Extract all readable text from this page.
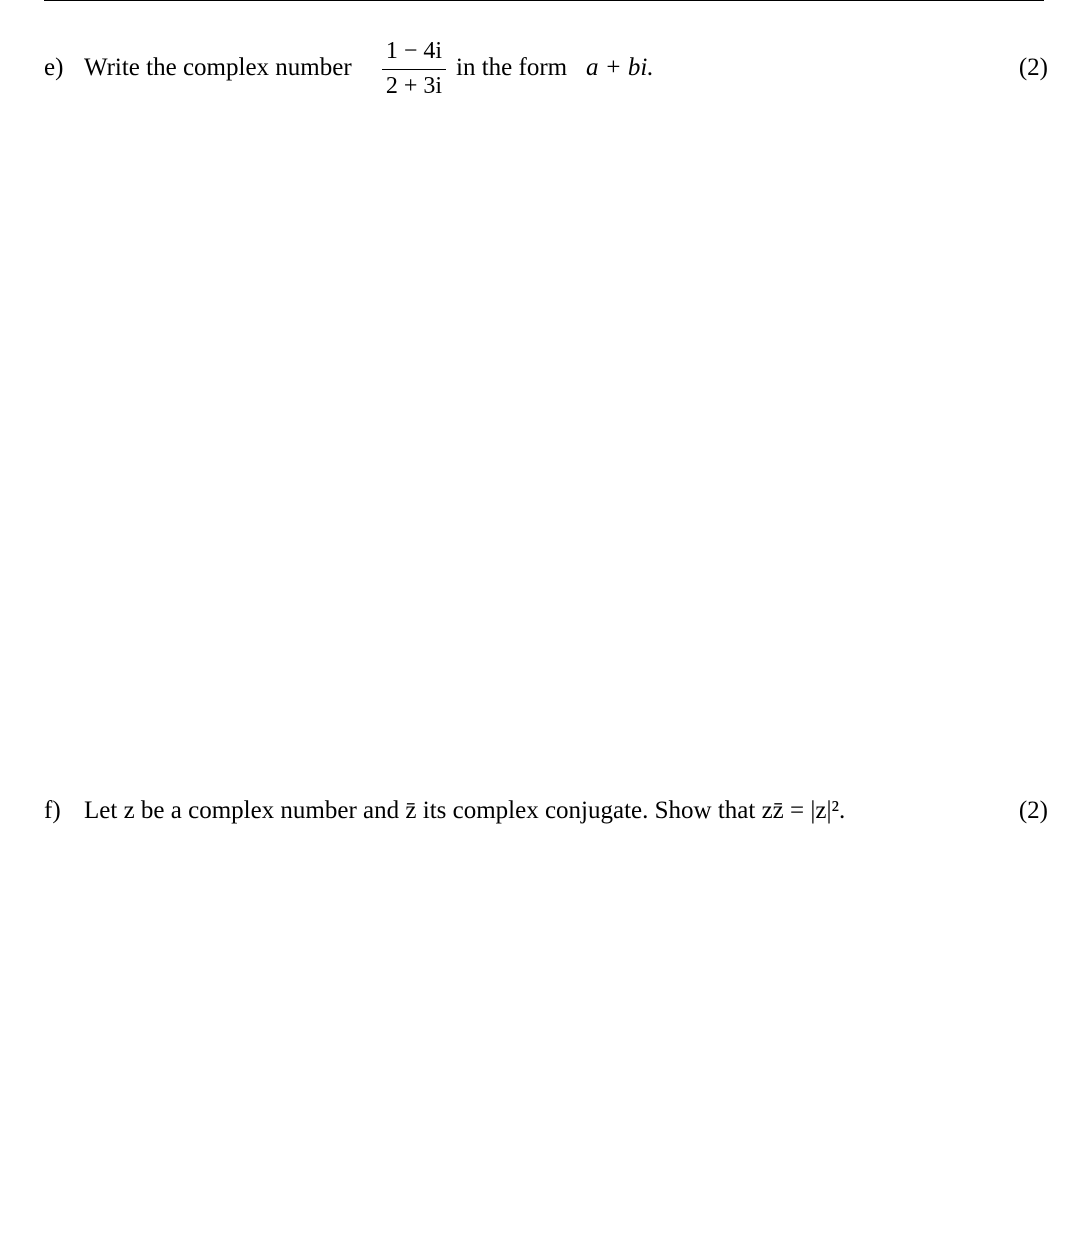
e) Write the complex number
1 − 4i
2 + 3i
in the form a + bi.	(2)
f) Let z be a complex number and z̄ its complex conjugate. Show that zz̄ = |z|².	(2)
